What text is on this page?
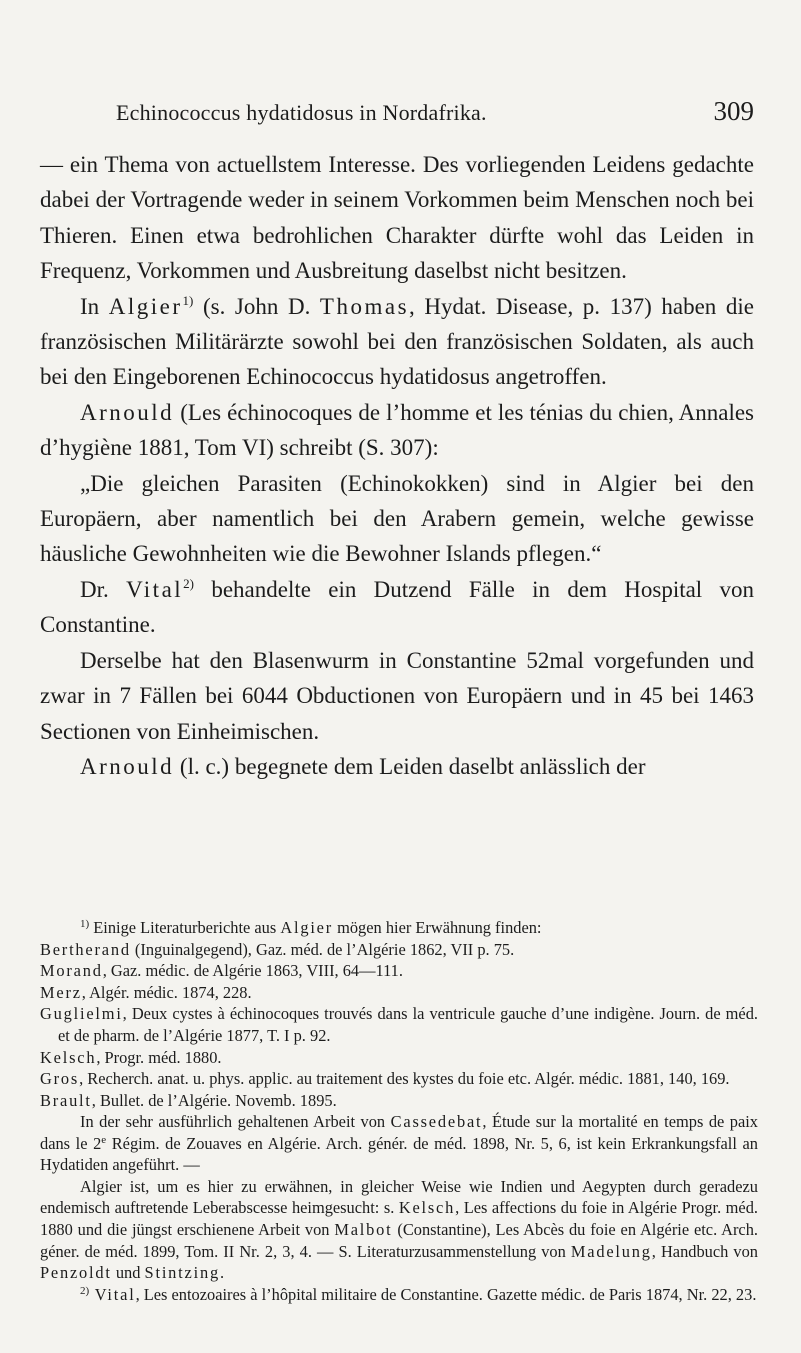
Echinococcus hydatidosus in Nordafrika.	309

— ein Thema von actuellstem Interesse. Des vorliegenden Leidens gedachte dabei der Vortragende weder in seinem Vorkommen beim Menschen noch bei Thieren. Einen etwa bedrohlichen Charakter dürfte wohl das Leiden in Frequenz, Vorkommen und Ausbreitung daselbst nicht besitzen.

In Algier$^{1)}$ (s. John D. Thomas, Hydat. Disease, p. 137) haben die französischen Militärärzte sowohl bei den französischen Soldaten, als auch bei den Eingeborenen Echinococcus hydatidosus angetroffen.

Arnould (Les échinocoques de l’homme et les ténias du chien, Annales d’hygiène 1881, Tom VI) schreibt (S. 307):

„Die gleichen Parasiten (Echinokokken) sind in Algier bei den Europäern, aber namentlich bei den Arabern gemein, welche gewisse häusliche Gewohnheiten wie die Bewohner Islands pflegen.“

Dr. Vital$^{2)}$ behandelte ein Dutzend Fälle in dem Hospital von Constantine.

Derselbe hat den Blasenwurm in Constantine 52mal vorgefunden und zwar in 7 Fällen bei 6044 Obductionen von Europäern und in 45 bei 1463 Sectionen von Einheimischen.

Arnould (l. c.) begegnete dem Leiden daselbt anlässlich der

$^{1)}$ Einige Literaturberichte aus Algier mögen hier Erwähnung finden:

Bertherand (Inguinalgegend), Gaz. méd. de l’Algérie 1862, VII p. 75.

Morand, Gaz. médic. de Algérie 1863, VIII, 64—111.

Merz, Algér. médic. 1874, 228.

Guglielmi, Deux cystes à échinocoques trouvés dans la ventricule gauche d’une indigène. Journ. de méd. et de pharm. de l’Algérie 1877, T. I p. 92.

Kelsch, Progr. méd. 1880.

Gros, Recherch. anat. u. phys. applic. au traitement des kystes du foie etc. Algér. médic. 1881, 140, 169.

Brault, Bullet. de l’Algérie. Novemb. 1895.

In der sehr ausführlich gehaltenen Arbeit von Cassedebat, Étude sur la mortalité en temps de paix dans le 2e Régim. de Zouaves en Algérie. Arch. génér. de méd. 1898, Nr. 5, 6, ist kein Erkrankungsfall an Hydatiden angeführt. —

Algier ist, um es hier zu erwähnen, in gleicher Weise wie Indien und Aegypten durch geradezu endemisch auftretende Leberabscesse heimgesucht: s. Kelsch, Les affections du foie in Algérie Progr. méd. 1880 und die jüngst erschienene Arbeit von Malbot (Constantine), Les Abcès du foie en Algérie etc. Arch. géner. de méd. 1899, Tom. II Nr. 2, 3, 4. — S. Literaturzusammenstellung von Madelung, Handbuch von Penzoldt und Stintzing.

$^{2)}$ Vital, Les entozoaires à l’hôpital militaire de Constantine. Gazette médic. de Paris 1874, Nr. 22, 23.
